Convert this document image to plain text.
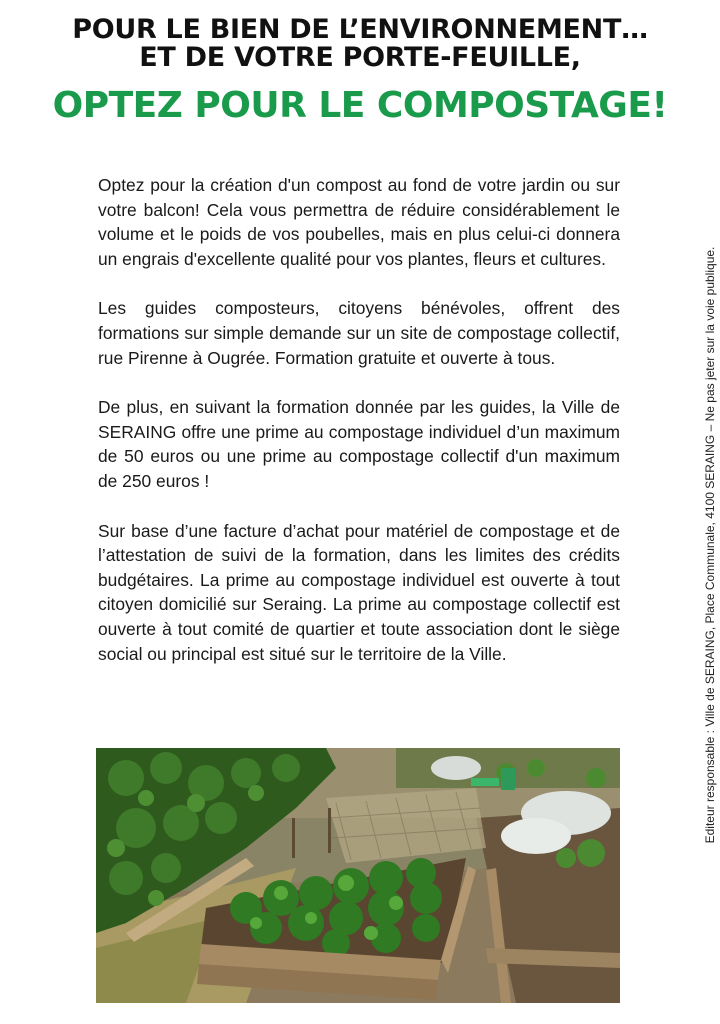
POUR LE BIEN DE L’ENVIRONNEMENT…
ET DE VOTRE PORTE-FEUILLE,
OPTEZ POUR LE COMPOSTAGE!

Optez pour la création d'un compost au fond de votre jardin ou sur votre balcon! Cela vous permettra de réduire considérablement le volume et le poids de vos poubelles, mais en plus celui-ci donnera un engrais d'excellente qualité pour vos plantes, fleurs et cultures.

Les guides composteurs, citoyens bénévoles, offrent des formations sur simple demande sur un site de compostage collectif, rue Pirenne à Ougrée. Formation gratuite et ouverte à tous.

De plus, en suivant la formation donnée par les guides, la Ville de SERAING offre une prime au compostage individuel d’un maximum de 50 euros ou une prime au compostage collectif d'un maximum de 250 euros !

Sur base d’une facture d’achat pour matériel de compostage et de l’attestation de suivi de la formation, dans les limites des crédits budgétaires. La prime au compostage individuel est ouverte à tout citoyen domicilié sur Seraing. La prime au compostage collectif est ouverte à tout comité de quartier et toute association dont le siège social ou principal est situé sur le territoire de la Ville.	Editeur responsable : Ville de SERAING, Place Communale, 4100 SERAING – Ne pas jeter sur la voie publique.
